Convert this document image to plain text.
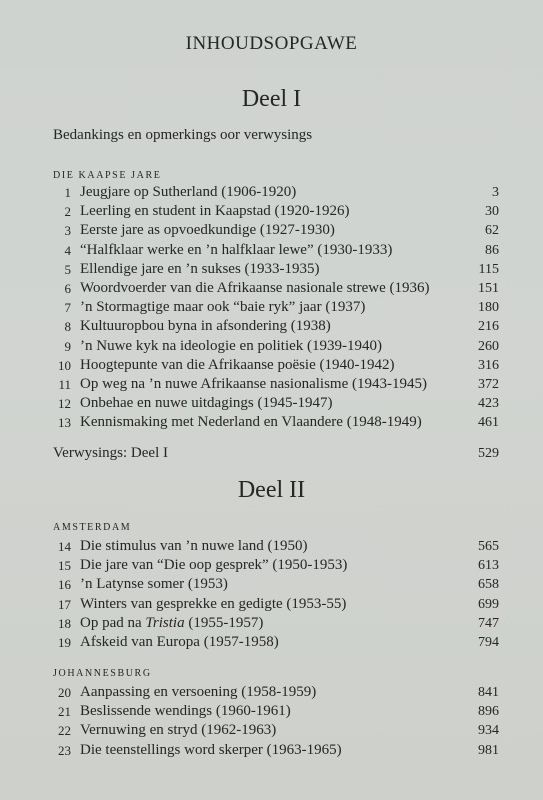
INHOUDSOPGAWE
Deel I
Bedankings en opmerkings oor verwysings
DIE KAAPSE JARE
1 Jeugjare op Sutherland (1906-1920)	3
2 Leerling en student in Kaapstad (1920-1926)	30
3 Eerste jare as opvoedkundige (1927-1930)	62
4 “Halfklaar werke en ’n halfklaar lewe” (1930-1933)	86
5 Ellendige jare en ’n sukses (1933-1935)	115
6 Woordvoerder van die Afrikaanse nasionale strewe (1936)	151
7 ’n Stormagtige maar ook “baie ryk” jaar (1937)	180
8 Kultuuropbou byna in afsondering (1938)	216
9 ’n Nuwe kyk na ideologie en politiek (1939-1940)	260
10 Hoogtepunte van die Afrikaanse poësie (1940-1942)	316
11 Op weg na ’n nuwe Afrikaanse nasionalisme (1943-1945)	372
12 Onbehae en nuwe uitdagings (1945-1947)	423
13 Kennismaking met Nederland en Vlaandere (1948-1949)	461
Verwysings: Deel I	529
Deel II
AMSTERDAM
14 Die stimulus van ’n nuwe land (1950)	565
15 Die jare van “Die oop gesprek” (1950-1953)	613
16 ’n Latynse somer (1953)	658
17 Winters van gesprekke en gedigte (1953-55)	699
18 Op pad na Tristia (1955-1957)	747
19 Afskeid van Europa (1957-1958)	794
JOHANNESBURG
20 Aanpassing en versoening (1958-1959)	841
21 Beslissende wendings (1960-1961)	896
22 Vernuwing en stryd (1962-1963)	934
23 Die teenstellings word skerper (1963-1965)	981
